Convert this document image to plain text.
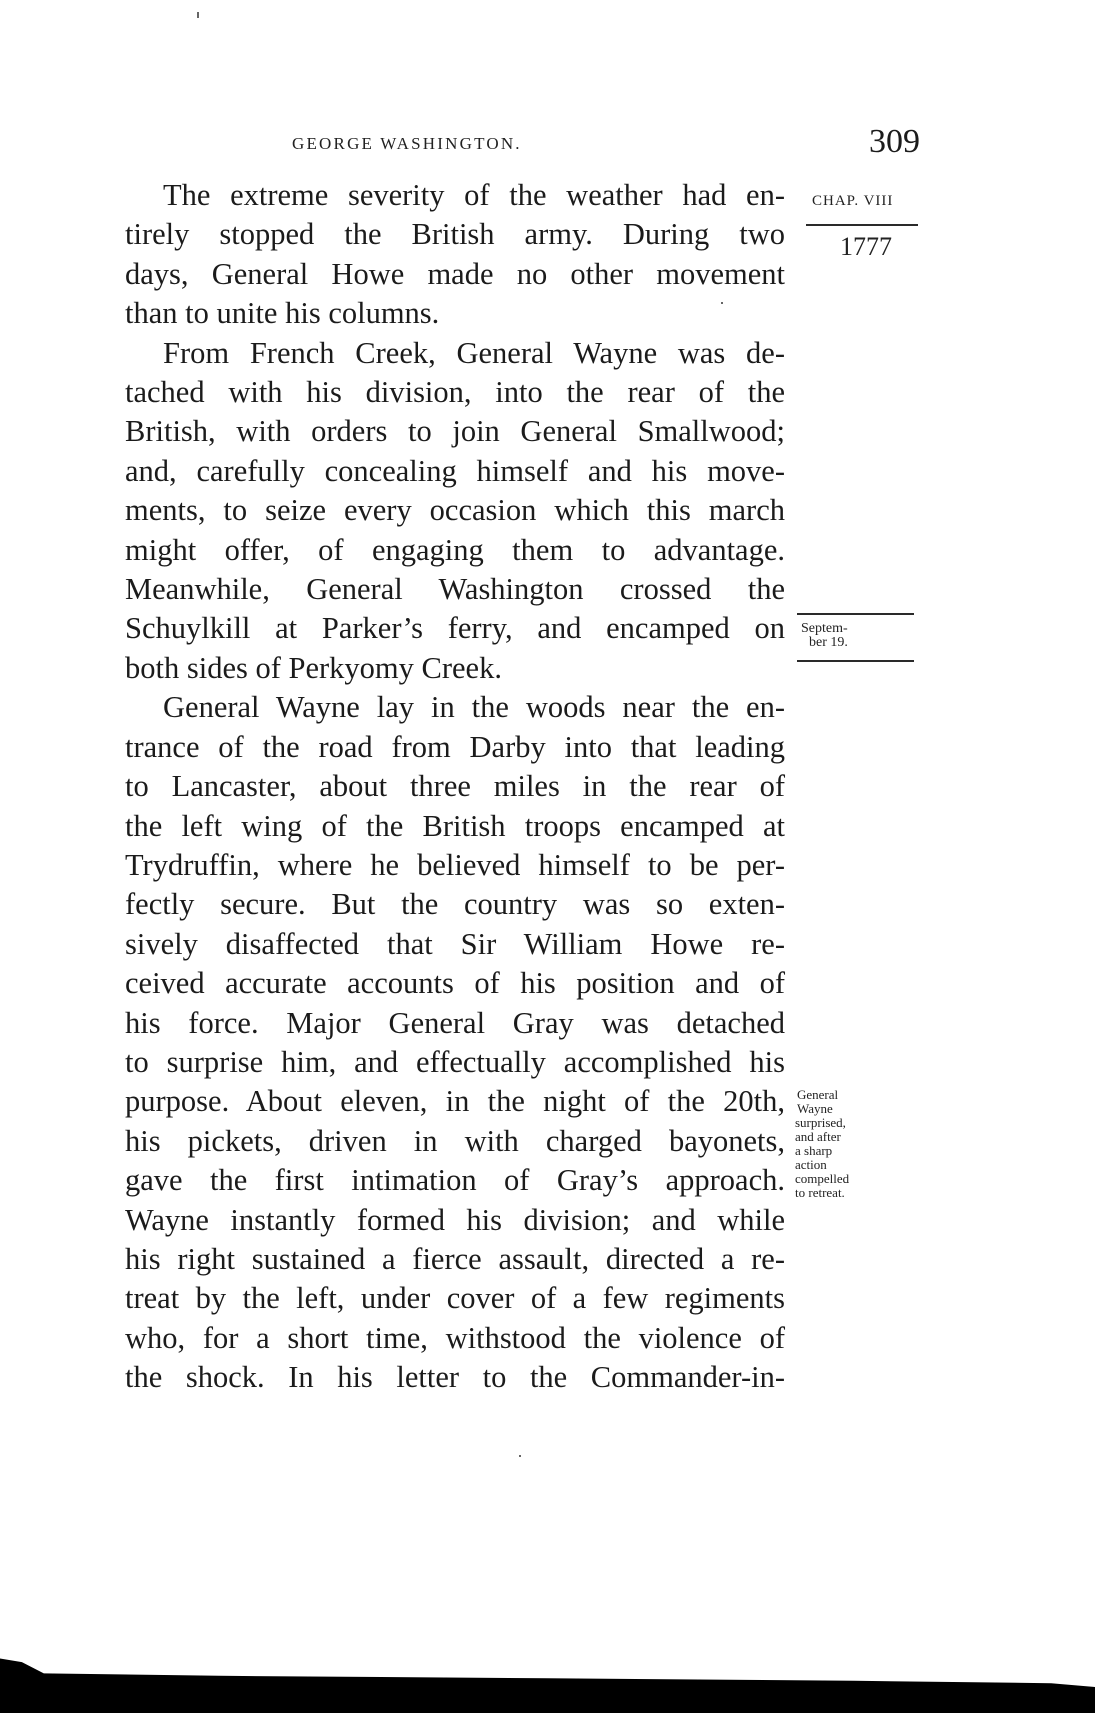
GEORGE WASHINGTON.	309
CHAP. VIII
1777
Septem-
ber 19.
General
Wayne
surprised,
and after
a sharp
action
compelled
to retreat.
The extreme severity of the weather had en-
tirely stopped the British army. During two
days, General Howe made no other movement
than to unite his columns.
From French Creek, General Wayne was de-
tached with his division, into the rear of the
British, with orders to join General Smallwood;
and, carefully concealing himself and his move-
ments, to seize every occasion which this march
might offer, of engaging them to advantage.
Meanwhile, General Washington crossed the
Schuylkill at Parker’s ferry, and encamped on
both sides of Perkyomy Creek.
General Wayne lay in the woods near the en-
trance of the road from Darby into that leading
to Lancaster, about three miles in the rear of
the left wing of the British troops encamped at
Trydruffin, where he believed himself to be per-
fectly secure. But the country was so exten-
sively disaffected that Sir William Howe re-
ceived accurate accounts of his position and of
his force. Major General Gray was detached
to surprise him, and effectually accomplished his
purpose. About eleven, in the night of the 20th,
his pickets, driven in with charged bayonets,
gave the first intimation of Gray’s approach.
Wayne instantly formed his division; and while
his right sustained a fierce assault, directed a re-
treat by the left, under cover of a few regiments
who, for a short time, withstood the violence of
the shock. In his letter to the Commander-in-
